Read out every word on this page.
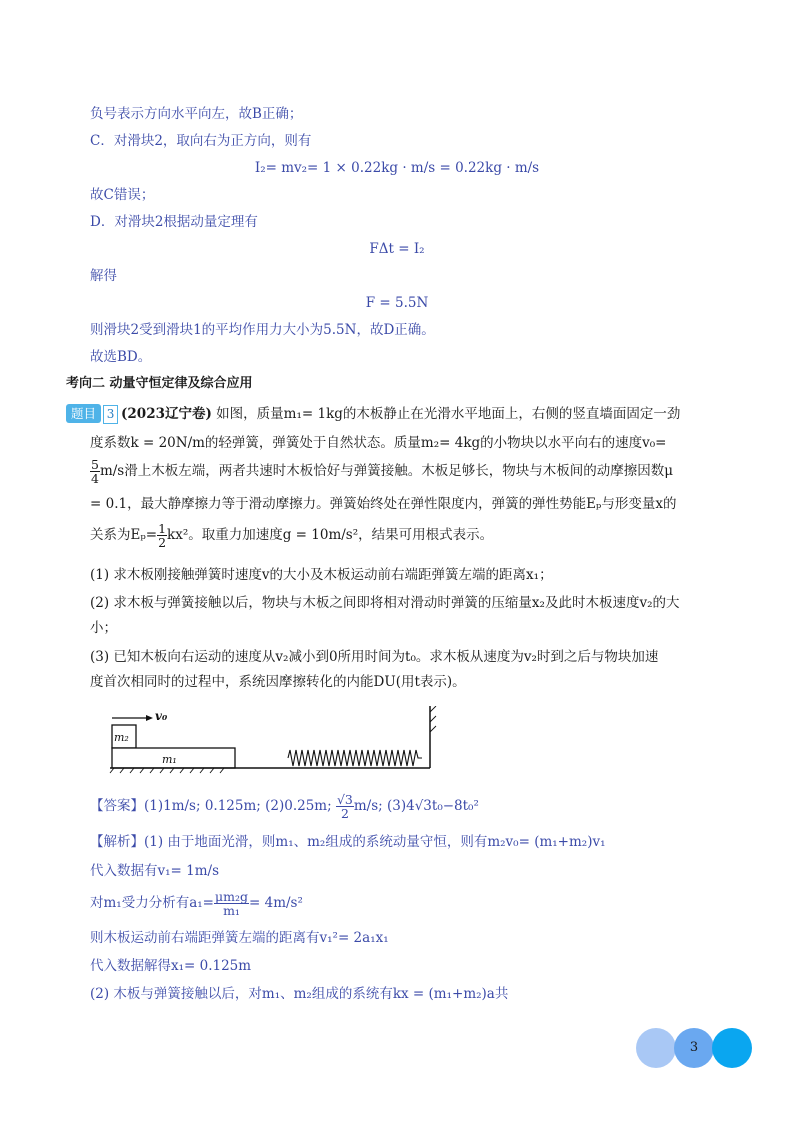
负号表示方向水平向左，故B正确；
C．对滑块2，取向右为正方向，则有
I₂= mv₂= 1 × 0.22kg · m/s = 0.22kg · m/s
故C错误；
D．对滑块2根据动量定理有
FΔt = I₂
解得
F = 5.5N
则滑块2受到滑块1的平均作用力大小为5.5N，故D正确。
故选BD。
考向二 动量守恒定律及综合应用
题目 3 (2023辽宁卷) 如图，质量m₁= 1kg的木板静止在光滑水平地面上，右侧的竖直墙面固定一劲
度系数k = 20N/m的轻弹簧，弹簧处于自然状态。质量m₂= 4kg的小物块以水平向右的速度v₀=
$\frac{5}{4} m/s$滑上木板左端，两者共速时木板恰好与弹簧接触。木板足够长，物块与木板间的动摩擦因数μ
= 0.1，最大静摩擦力等于滑动摩擦力。弹簧始终处在弹性限度内，弹簧的弹性势能Eₚ与形变量x的
关系为$E_p= \frac{1}{2} kx^2$。取重力加速度g = 10m/s²，结果可用根式表示。
(1) 求木板刚接触弹簧时速度v的大小及木板运动前右端距弹簧左端的距离x₁；
(2) 求木板与弹簧接触以后，物块与木板之间即将相对滑动时弹簧的压缩量x₂及此时木板速度v₂的大
小；
(3) 已知木板向右运动的速度从v₂减小到0所用时间为t₀。求木板从速度为v₂时到之后与物块加速
度首次相同时的过程中，系统因摩擦转化的内能DU(用t表示)。
v₀
m₂
m₁
【答案】(1)1m/s; 0.125m; (2)0.25m; $\frac{√3}{2} m/s$; (3)4√3t₀−8t₀²
【解析】(1) 由于地面光滑，则m₁、m₂组成的系统动量守恒，则有m₂v₀= (m₁+m₂)v₁
代入数据有v₁= 1m/s
对m₁受力分析有$a_1= \frac{\text{μm₂g}}{\text{m₁}} = 4m/s^2$
则木板运动前右端距弹簧左端的距离有v₁²= 2a₁x₁
代入数据解得x₁= 0.125m
(2) 木板与弹簧接触以后，对m₁、m₂组成的系统有kx = (m₁+m₂)a共
3
